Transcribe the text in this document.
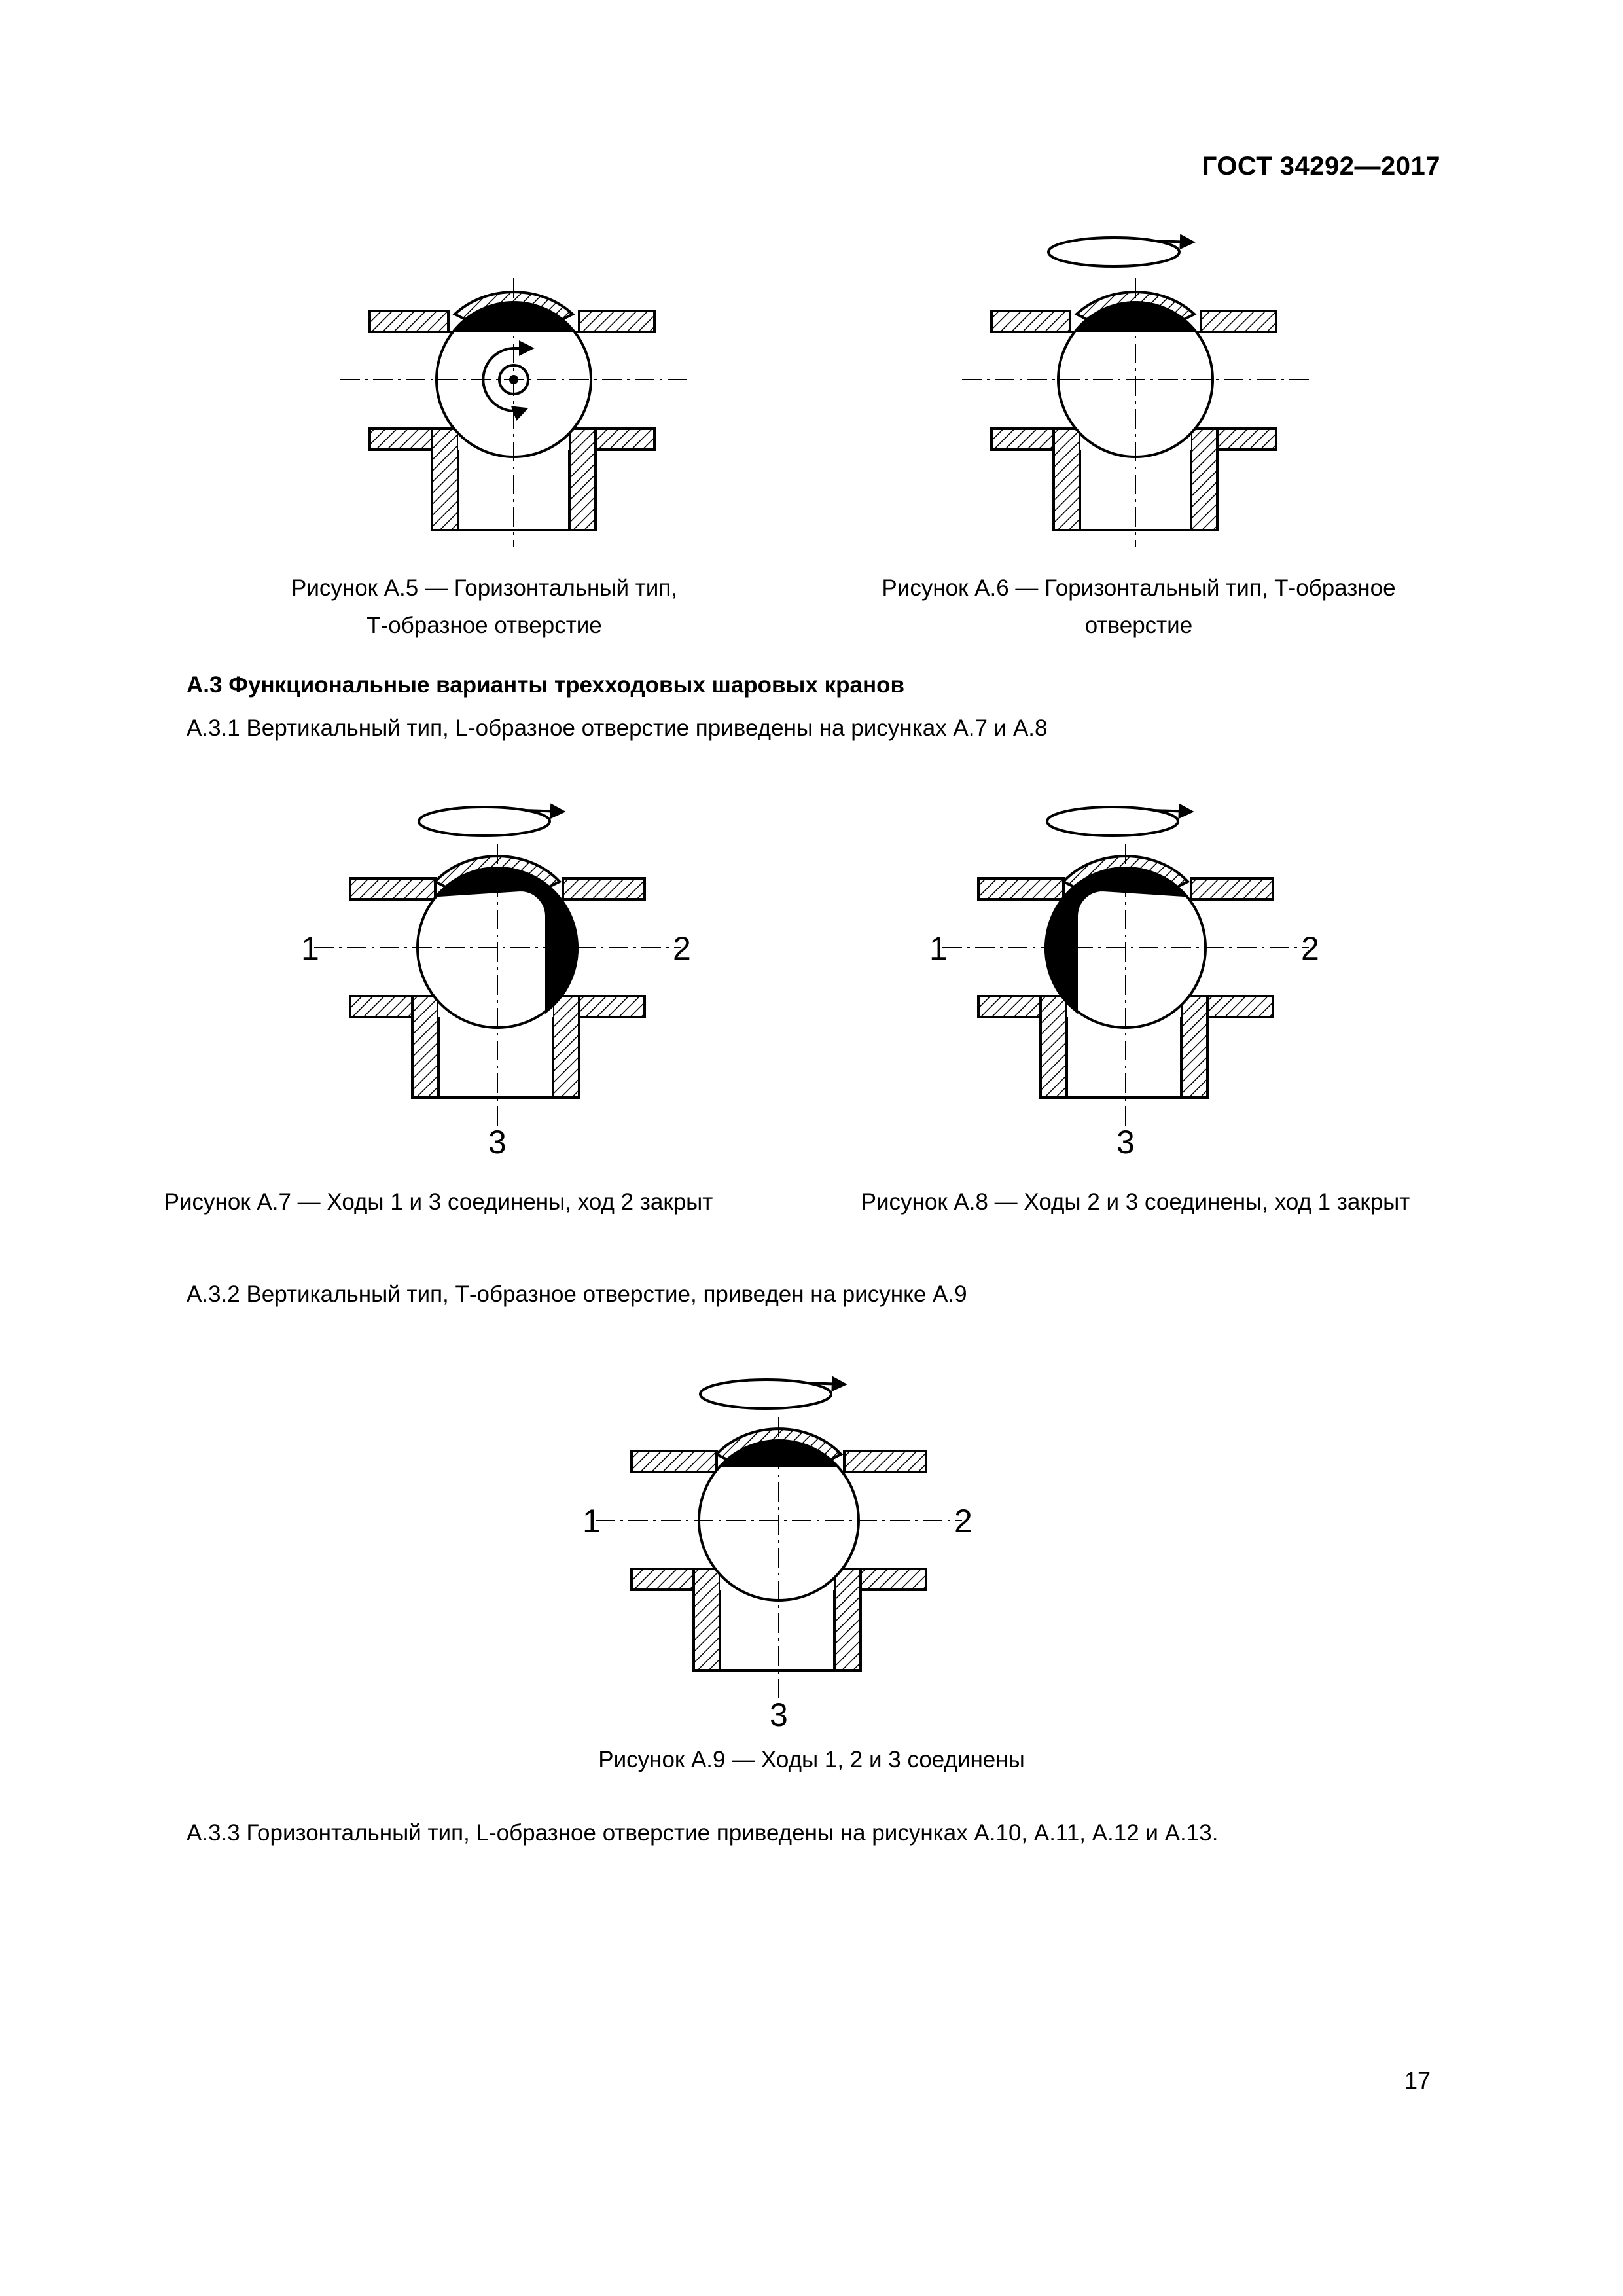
ГОСТ 34292—2017
Рисунок А.5 — Горизонтальный тип,
Т-образное отверстие
Рисунок А.6 — Горизонтальный тип, Т-образное
отверстие
А.3 Функциональные варианты трехходовых шаровых кранов
А.3.1 Вертикальный тип, L-образное отверстие приведены на рисунках А.7 и А.8
1	2
3
Рисунок А.7 — Ходы 1 и 3 соединены, ход 2 закрыт
1	2
3
Рисунок А.8 — Ходы 2 и 3 соединены, ход 1 закрыт
А.3.2 Вертикальный тип, Т-образное отверстие, приведен на рисунке А.9
1	2
3
Рисунок А.9 — Ходы 1, 2 и 3 соединены
А.3.3 Горизонтальный тип, L-образное отверстие приведены на рисунках А.10, А.11, А.12 и А.13.
17
